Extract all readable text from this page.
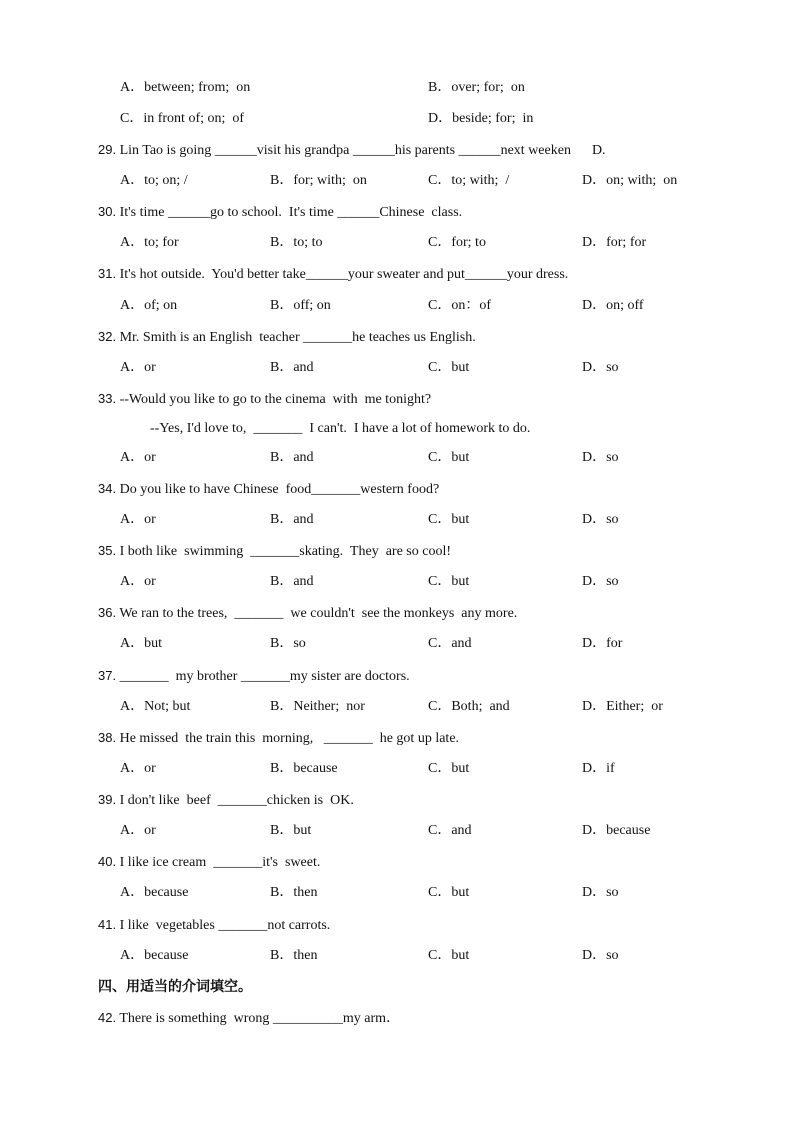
A．between; from;  on	B．over; for;  on
C．in front of; on;  of	D．beside; for;  in
29. Lin Tao is going ______visit his grandpa ______his parents ______next weeken      D.
A．to; on; /	B．for; with;  on	C．to; with;  /	D．on; with;  on
30. It's time ______go to school.  It's time ______Chinese  class.
A．to; for	B．to; to	C．for; to	D．for; for
31. It's hot outside.  You'd better take______your sweater and put______your dress.
A．of; on	B．off; on	C．on：of	D．on; off
32. Mr. Smith is an English  teacher _______he teaches us English.
A．or	B．and	C．but	D．so
33. --Would you like to go to the cinema  with  me tonight?
--Yes, I'd love to,  _______  I can't.  I have a lot of homework to do.
A．or	B．and	C．but	D．so
34. Do you like to have Chinese  food_______western food?
A．or	B．and	C．but	D．so
35. I both like  swimming  _______skating.  They  are so cool!
A．or	B．and	C．but	D．so
36. We ran to the trees,  _______  we couldn't  see the monkeys  any more.
A．but	B．so	C．and	D．for
37. _______  my brother _______my sister are doctors.
A．Not; but	B．Neither;  nor	C．Both;  and	D．Either;  or
38. He missed  the train this  morning,   _______  he got up late.
A．or	B．because	C．but	D．if
39. I don't like  beef  _______chicken is  OK.
A．or	B．but	C．and	D．because
40. I like ice cream  _______it's  sweet.
A．because	B．then	C．but	D．so
41. I like  vegetables _______not carrots.
A．because	B．then	C．but	D．so
四、用适当的介词填空。
42. There is something  wrong __________my arm．
